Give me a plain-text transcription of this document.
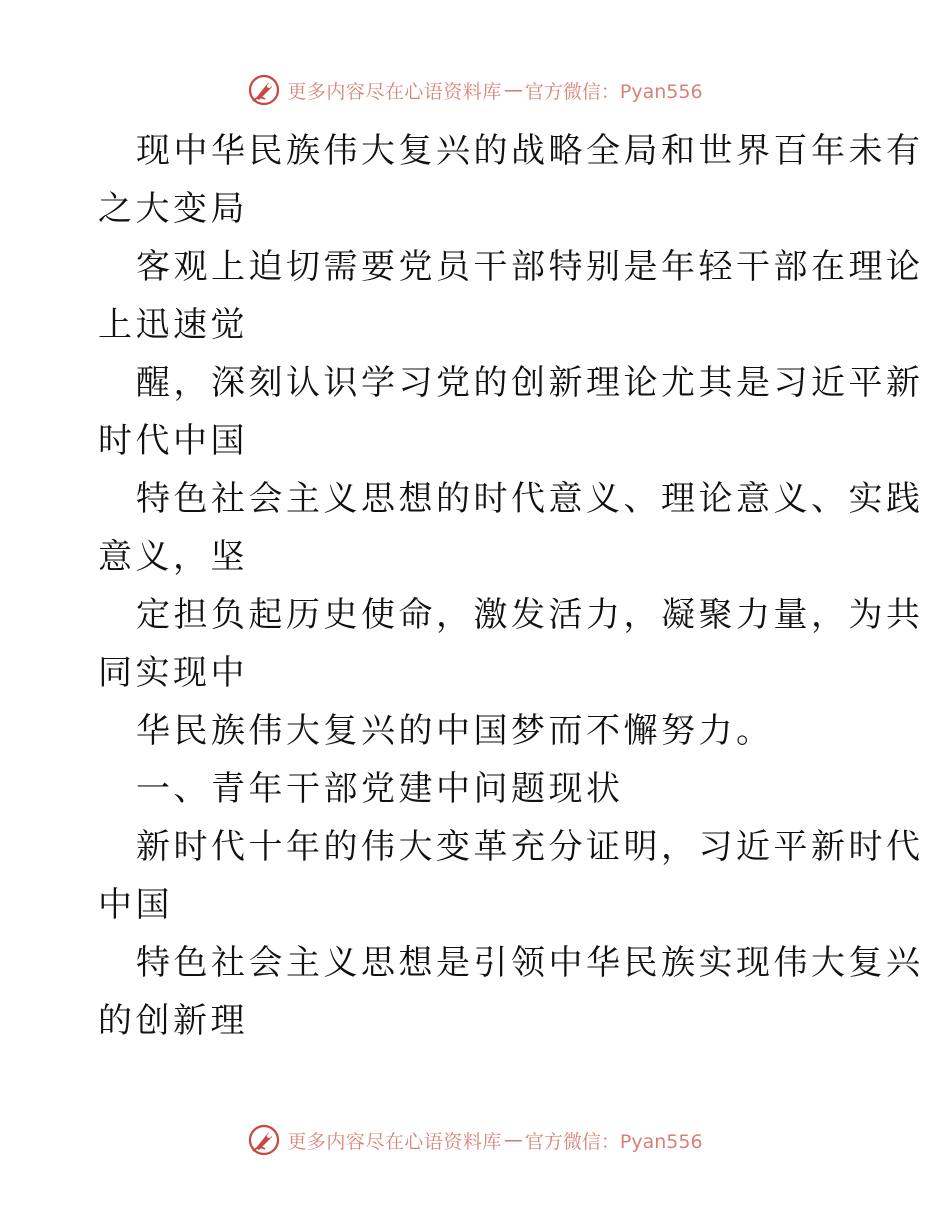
更多内容尽在心语资料库 — 官方微信：Pyan556
现中华民族伟大复兴的战略全局和世界百年未有
之大变局
客观上迫切需要党员干部特别是年轻干部在理论
上迅速觉
醒，深刻认识学习党的创新理论尤其是习近平新
时代中国
特色社会主义思想的时代意义、理论意义、实践
意义，坚
定担负起历史使命，激发活力，凝聚力量，为共
同实现中
华民族伟大复兴的中国梦而不懈努力。
一、青年干部党建中问题现状
新时代十年的伟大变革充分证明，习近平新时代
中国
特色社会主义思想是引领中华民族实现伟大复兴
的创新理
更多内容尽在心语资料库 — 官方微信：Pyan556
